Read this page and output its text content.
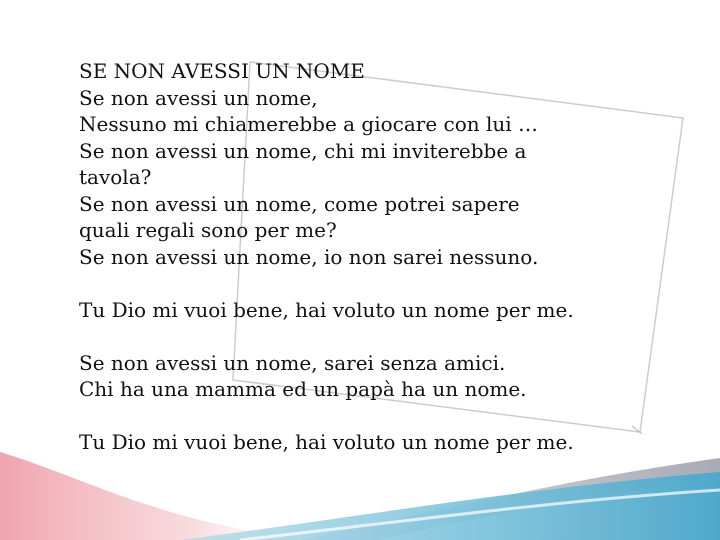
SE NON AVESSI UN NOME
Se non avessi un nome,
Nessuno mi chiamerebbe a giocare con lui …
Se non avessi un nome, chi mi inviterebbe a
tavola?
Se non avessi un nome, come potrei sapere
quali regali sono per me?
Se non avessi un nome, io non sarei nessuno.
Tu Dio mi vuoi bene, hai voluto un nome per me.
Se non avessi un nome, sarei senza amici.
Chi ha una mamma ed un papà ha un nome.
Tu Dio mi vuoi bene, hai voluto un nome per me.
